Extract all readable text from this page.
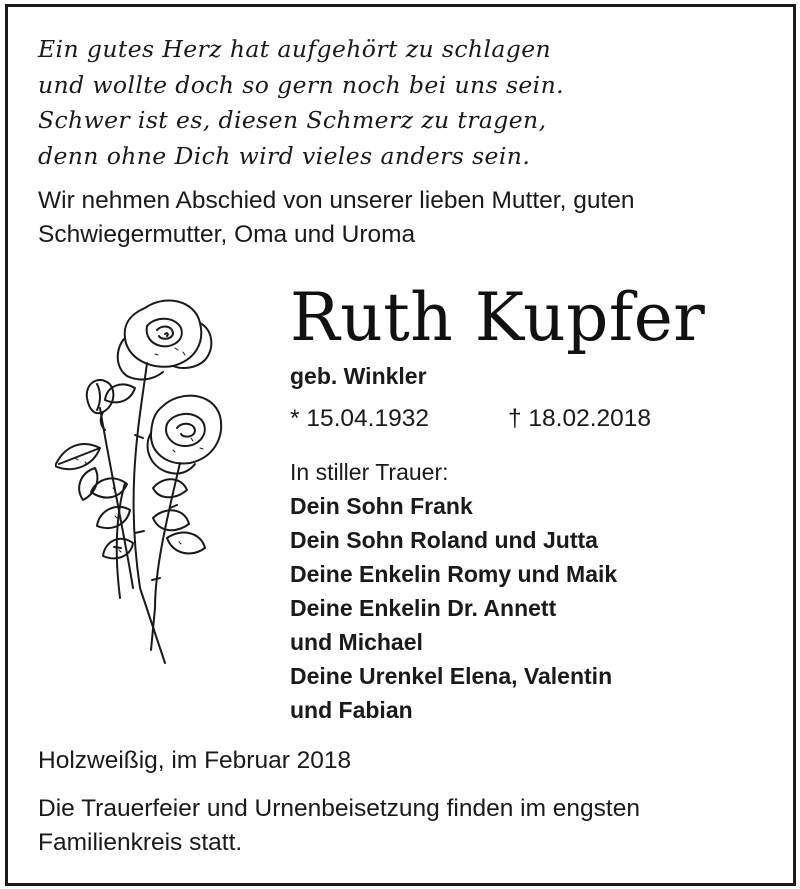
Ein gutes Herz hat aufgehört zu schlagen
und wollte doch so gern noch bei uns sein.
Schwer ist es, diesen Schmerz zu tragen,
denn ohne Dich wird vieles anders sein.
Wir nehmen Abschied von unserer lieben Mutter, guten
Schwiegermutter, Oma und Uroma
Ruth Kupfer
geb. Winkler
* 15.04.1932	† 18.02.2018
In stiller Trauer:
Dein Sohn Frank
Dein Sohn Roland und Jutta
Deine Enkelin Romy und Maik
Deine Enkelin Dr. Annett
und Michael
Deine Urenkel Elena, Valentin
und Fabian
Holzweißig, im Februar 2018
Die Trauerfeier und Urnenbeisetzung finden im engsten
Familienkreis statt.
